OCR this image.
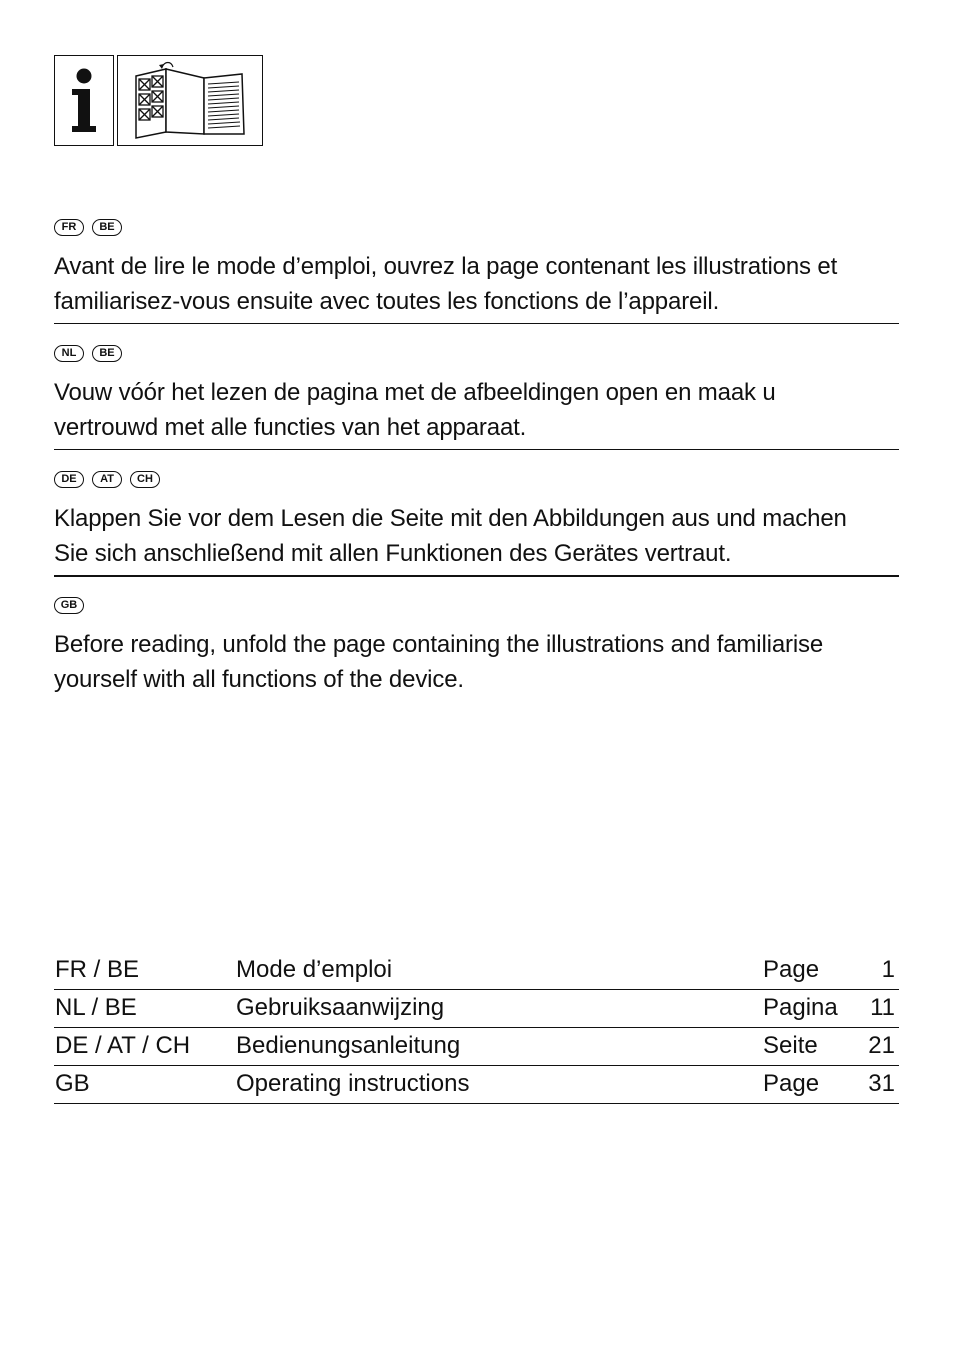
FR	BE

Avant de lire le mode d’emploi, ouvrez la page contenant les illustrations et
familiarisez-vous ensuite avec toutes les fonctions de l’appareil.

NL	BE

Vouw vóór het lezen de pagina met de afbeeldingen open en maak u
vertrouwd met alle functies van het apparaat.

DE	AT	CH

Klappen Sie vor dem Lesen die Seite mit den Abbildungen aus und machen
Sie sich anschließend mit allen Funktionen des Gerätes vertraut.

GB

Before reading, unfold the page containing the illustrations and familiarise
yourself with all functions of the device.

FR / BE	Mode d’emploi	Page	1
NL / BE	Gebruiksaanwijzing	Pagina 11
DE / AT / CH Bedienungsanleitung	Seite 21
GB	Operating instructions	Page 31
